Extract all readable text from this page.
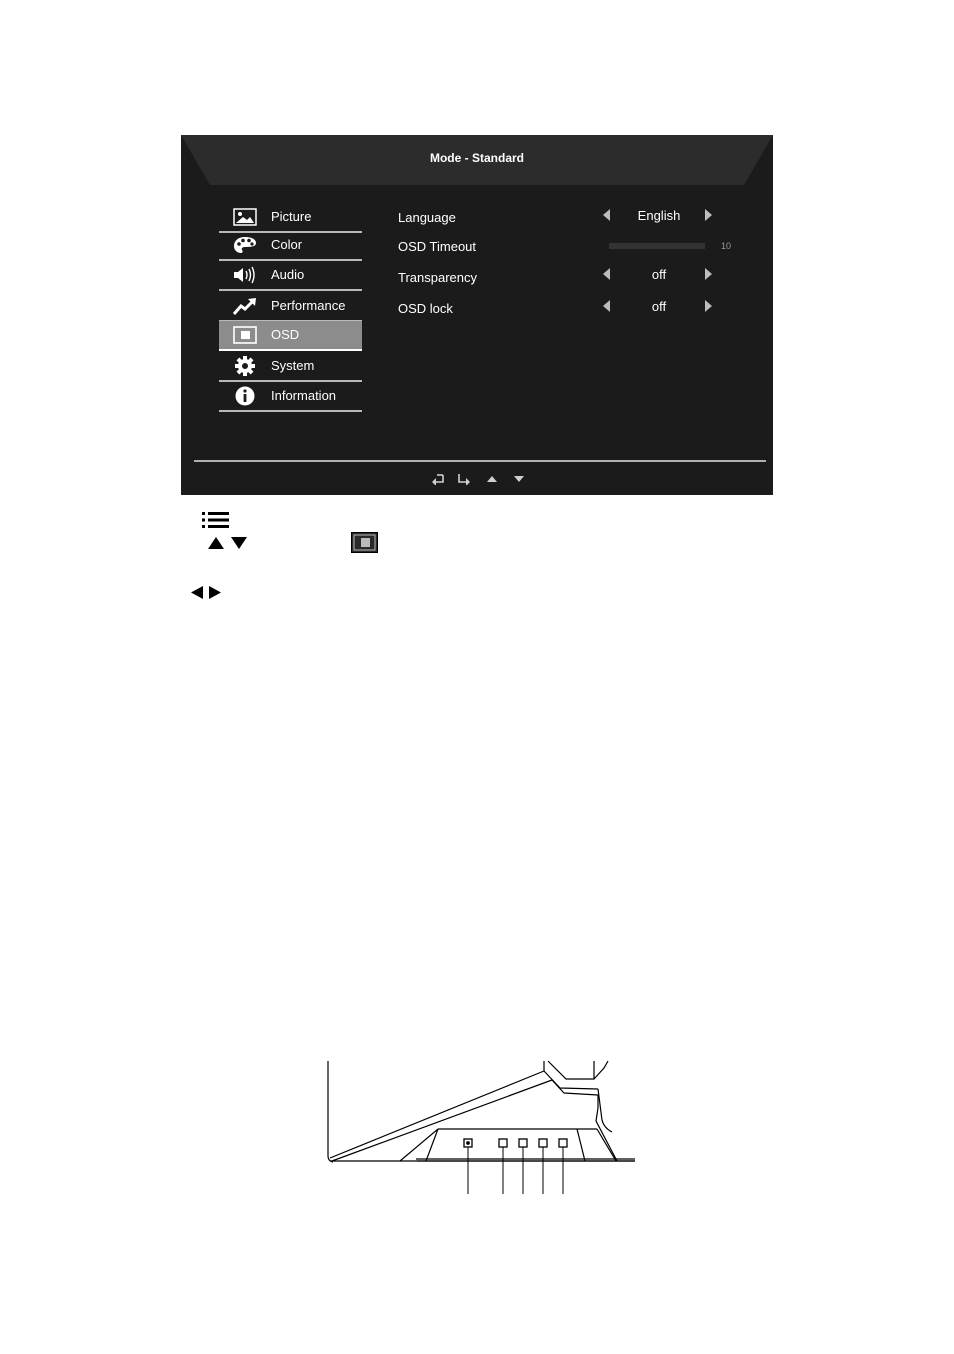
Mode - Standard
Picture
Color
Audio
Performance
OSD
System
Information
Language	English
OSD Timeout	10
Transparency	off
OSD lock	off
